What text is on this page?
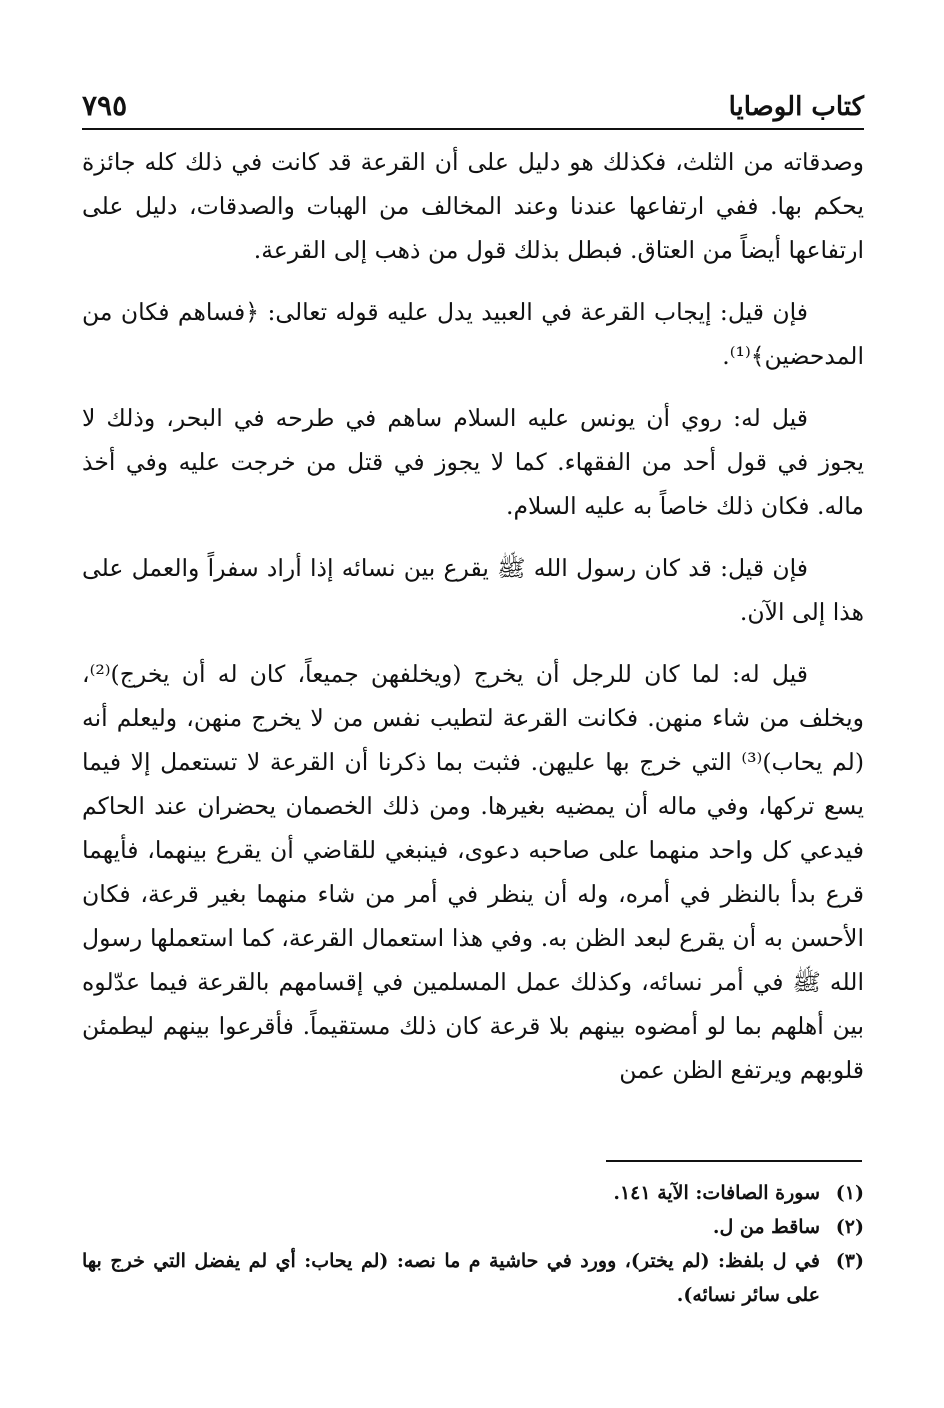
كتاب الوصايا
٧٩٥

وصدقاته من الثلث، فكذلك هو دليل على أن القرعة قد كانت في ذلك كله جائزة يحكم بها. ففي ارتفاعها عندنا وعند المخالف من الهبات والصدقات، دليل على ارتفاعها أيضاً من العتاق. فبطل بذلك قول من ذهب إلى القرعة.

فإن قيل: إيجاب القرعة في العبيد يدل عليه قوله تعالى: ﴿فساهم فكان من المدحضين﴾⁽¹⁾.

قيل له: روي أن يونس عليه السلام ساهم في طرحه في البحر، وذلك لا يجوز في قول أحد من الفقهاء. كما لا يجوز في قتل من خرجت عليه وفي أخذ ماله. فكان ذلك خاصاً به عليه السلام.

فإن قيل: قد كان رسول الله ﷺ يقرع بين نسائه إذا أراد سفراً والعمل على هذا إلى الآن.

قيل له: لما كان للرجل أن يخرج (ويخلفهن جميعاً، كان له أن يخرج)⁽²⁾، ويخلف من شاء منهن. فكانت القرعة لتطيب نفس من لا يخرج منهن، وليعلم أنه (لم يحاب)⁽³⁾ التي خرج بها عليهن. فثبت بما ذكرنا أن القرعة لا تستعمل إلا فيما يسع تركها، وفي ماله أن يمضيه بغيرها. ومن ذلك الخصمان يحضران عند الحاكم فيدعي كل واحد منهما على صاحبه دعوى، فينبغي للقاضي أن يقرع بينهما، فأيهما قرع بدأ بالنظر في أمره، وله أن ينظر في أمر من شاء منهما بغير قرعة، فكان الأحسن به أن يقرع لبعد الظن به. وفي هذا استعمال القرعة، كما استعملها رسول الله ﷺ في أمر نسائه، وكذلك عمل المسلمين في إقسامهم بالقرعة فيما عدّلوه بين أهلهم بما لو أمضوه بينهم بلا قرعة كان ذلك مستقيماً. فأقرعوا بينهم ليطمئن قلوبهم ويرتفع الظن عمن

(١)
سورة الصافات: الآية ١٤١.
(٢)
ساقط من ل.
(٣)
في ل بلفظ: (لم يختر)، وورد في حاشية م ما نصه: (لم يحاب: أي لم يفضل التي خرج بها على سائر نسائه).
